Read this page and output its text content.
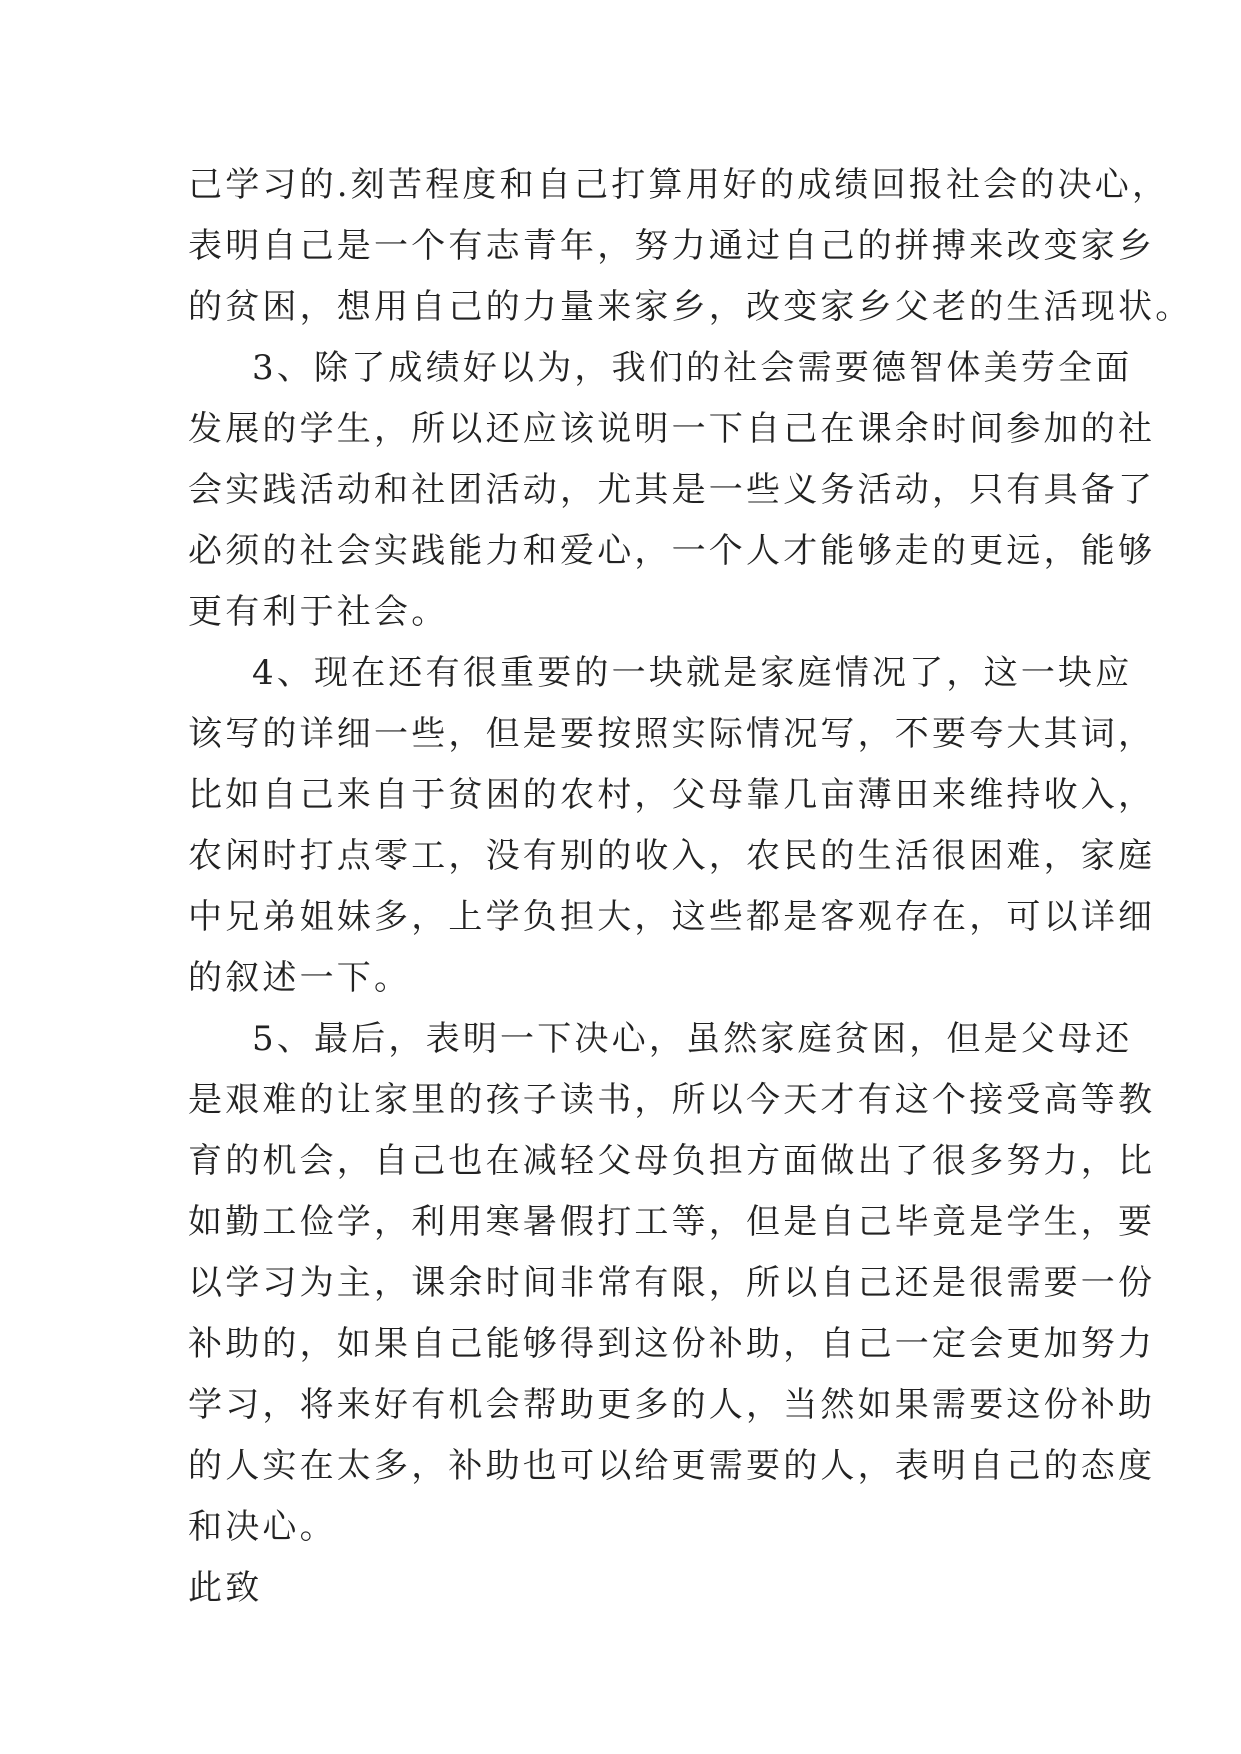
己学习的.刻苦程度和自己打算用好的成绩回报社会的决心，
表明自己是一个有志青年，努力通过自己的拼搏来改变家乡
的贫困，想用自己的力量来家乡，改变家乡父老的生活现状。
3、除了成绩好以为，我们的社会需要德智体美劳全面
发展的学生，所以还应该说明一下自己在课余时间参加的社
会实践活动和社团活动，尤其是一些义务活动，只有具备了
必须的社会实践能力和爱心，一个人才能够走的更远，能够
更有利于社会。
4、现在还有很重要的一块就是家庭情况了，这一块应
该写的详细一些，但是要按照实际情况写，不要夸大其词，
比如自己来自于贫困的农村，父母靠几亩薄田来维持收入，
农闲时打点零工，没有别的收入，农民的生活很困难，家庭
中兄弟姐妹多，上学负担大，这些都是客观存在，可以详细
的叙述一下。
5、最后，表明一下决心，虽然家庭贫困，但是父母还
是艰难的让家里的孩子读书，所以今天才有这个接受高等教
育的机会，自己也在减轻父母负担方面做出了很多努力，比
如勤工俭学，利用寒暑假打工等，但是自己毕竟是学生，要
以学习为主，课余时间非常有限，所以自己还是很需要一份
补助的，如果自己能够得到这份补助，自己一定会更加努力
学习，将来好有机会帮助更多的人，当然如果需要这份补助
的人实在太多，补助也可以给更需要的人，表明自己的态度
和决心。
此致
